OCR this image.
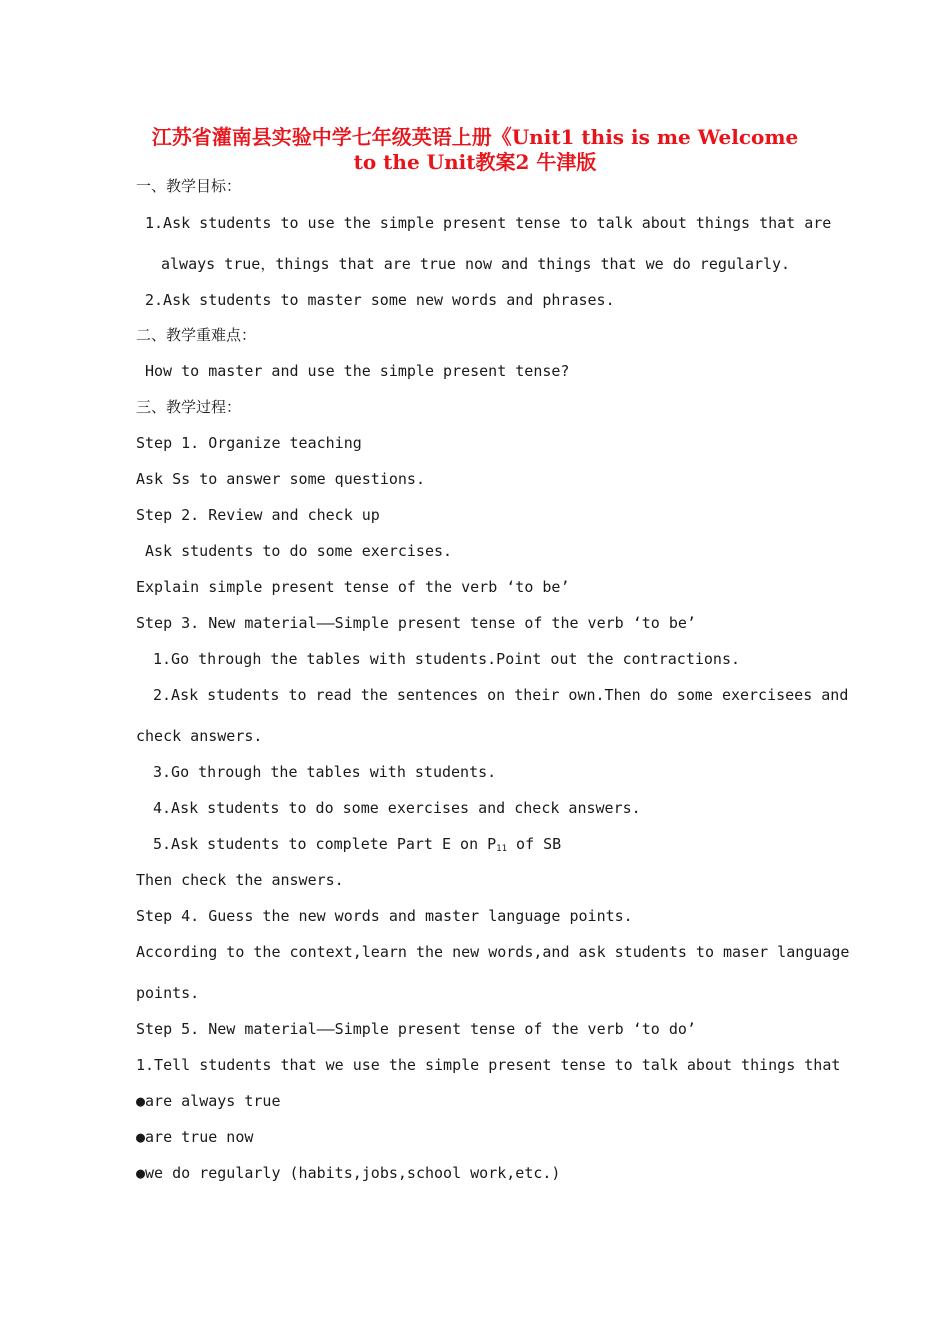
江苏省灌南县实验中学七年级英语上册《Unit1 this is me Welcome
to the Unit教案2 牛津版
一、教学目标：
1.Ask students to use the simple present tense to talk about things that are
always true，things that are true now and things that we do regularly.
2.Ask students to master some new words and phrases.
二、教学重难点：
How to master and use the simple present tense?
三、教学过程：
Step 1. Organize teaching
Ask Ss to answer some questions.
Step 2. Review and check up
Ask students to do some exercises.
Explain simple present tense of the verb ‘to be’
Step 3. New material——Simple present tense of the verb ‘to be’
1.Go through the tables with students.Point out the contractions.
2.Ask students to read the sentences on their own.Then do some exercisees and
check answers.
3.Go through the tables with students.
4.Ask students to do some exercises and check answers.
5.Ask students to complete Part E on $P_{11}$ of SB
Then check the answers.
Step 4. Guess the new words and master language points.
According to the context,learn the new words,and ask students to maser language
points.
Step 5. New material——Simple present tense of the verb ‘to do’
1.Tell students that we use the simple present tense to talk about things that
●are always true
●are true now
●we do regularly (habits,jobs,school work,etc.)
